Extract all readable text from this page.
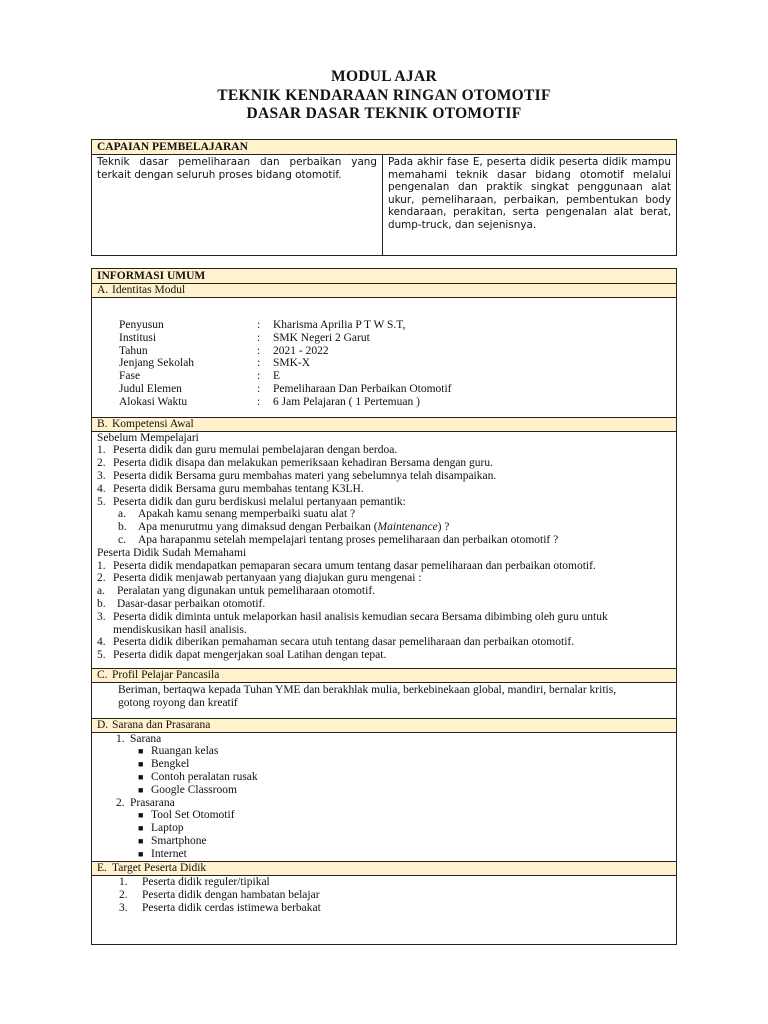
MODUL AJAR
TEKNIK KENDARAAN RINGAN OTOMOTIF
DASAR DASAR TEKNIK OTOMOTIF
CAPAIAN PEMBELAJARAN
Teknik dasar pemeliharaan dan perbaikan yang terkait dengan seluruh proses bidang otomotif.
Pada akhir fase E, peserta didik peserta didik mampu memahami teknik dasar bidang otomotif melalui pengenalan dan praktik singkat penggunaan alat ukur, pemeliharaan, perbaikan, pembentukan body kendaraan, perakitan, serta pengenalan alat berat, dump-truck, dan sejenisnya.
INFORMASI UMUM
A. Identitas Modul
Penyusun	:	Kharisma Aprilia P T W S.T,
Institusi	:	SMK Negeri 2 Garut
Tahun	:	2021 - 2022
Jenjang Sekolah	:	SMK-X
Fase	:	E
Judul Elemen	:	Pemeliharaan Dan Perbaikan Otomotif
Alokasi Waktu	:	6 Jam Pelajaran ( 1 Pertemuan )
B. Kompetensi Awal
Sebelum Mempelajari
1. Peserta didik dan guru memulai pembelajaran dengan berdoa.
2. Peserta didik disapa dan melakukan pemeriksaan kehadiran Bersama dengan guru.
3. Peserta didik Bersama guru membahas materi yang sebelumnya telah disampaikan.
4. Peserta didik Bersama guru membahas tentang K3LH.
5. Peserta didik dan guru berdiskusi melalui pertanyaan pemantik:
a.	Apakah kamu senang memperbaiki suatu alat ?
b. Apa menurutmu yang dimaksud dengan Perbaikan (Maintenance) ?
c.	Apa harapanmu setelah mempelajari tentang proses pemeliharaan dan perbaikan otomotif ?
Peserta Didik Sudah Memahami
1. Peserta didik mendapatkan pemaparan secara umum tentang dasar pemeliharaan dan perbaikan otomotif.
2. Peserta didik menjawab pertanyaan yang diajukan guru mengenai :
a.	Peralatan yang digunakan untuk pemeliharaan otomotif.
b. Dasar-dasar perbaikan otomotif.
3. Peserta didik diminta untuk melaporkan hasil analisis kemudian secara Bersama dibimbing oleh guru untuk mendiskusikan hasil analisis.
4. Peserta didik diberikan pemahaman secara utuh tentang dasar pemeliharaan dan perbaikan otomotif.
5. Peserta didik dapat mengerjakan soal Latihan dengan tepat.
C. Profil Pelajar Pancasila
Beriman, bertaqwa kepada Tuhan YME dan berakhlak mulia, berkebinekaan global, mandiri, bernalar kritis, gotong royong dan kreatif
D. Sarana dan Prasarana
1. Sarana
■ Ruangan kelas
■ Bengkel
■ Contoh peralatan rusak
■ Google Classroom
2. Prasarana
■ Tool Set Otomotif
■ Laptop
■ Smartphone
■ Internet
E. Target Peserta Didik
1.	Peserta didik reguler/tipikal
2.	Peserta didik dengan hambatan belajar
3.	Peserta didik cerdas istimewa berbakat
